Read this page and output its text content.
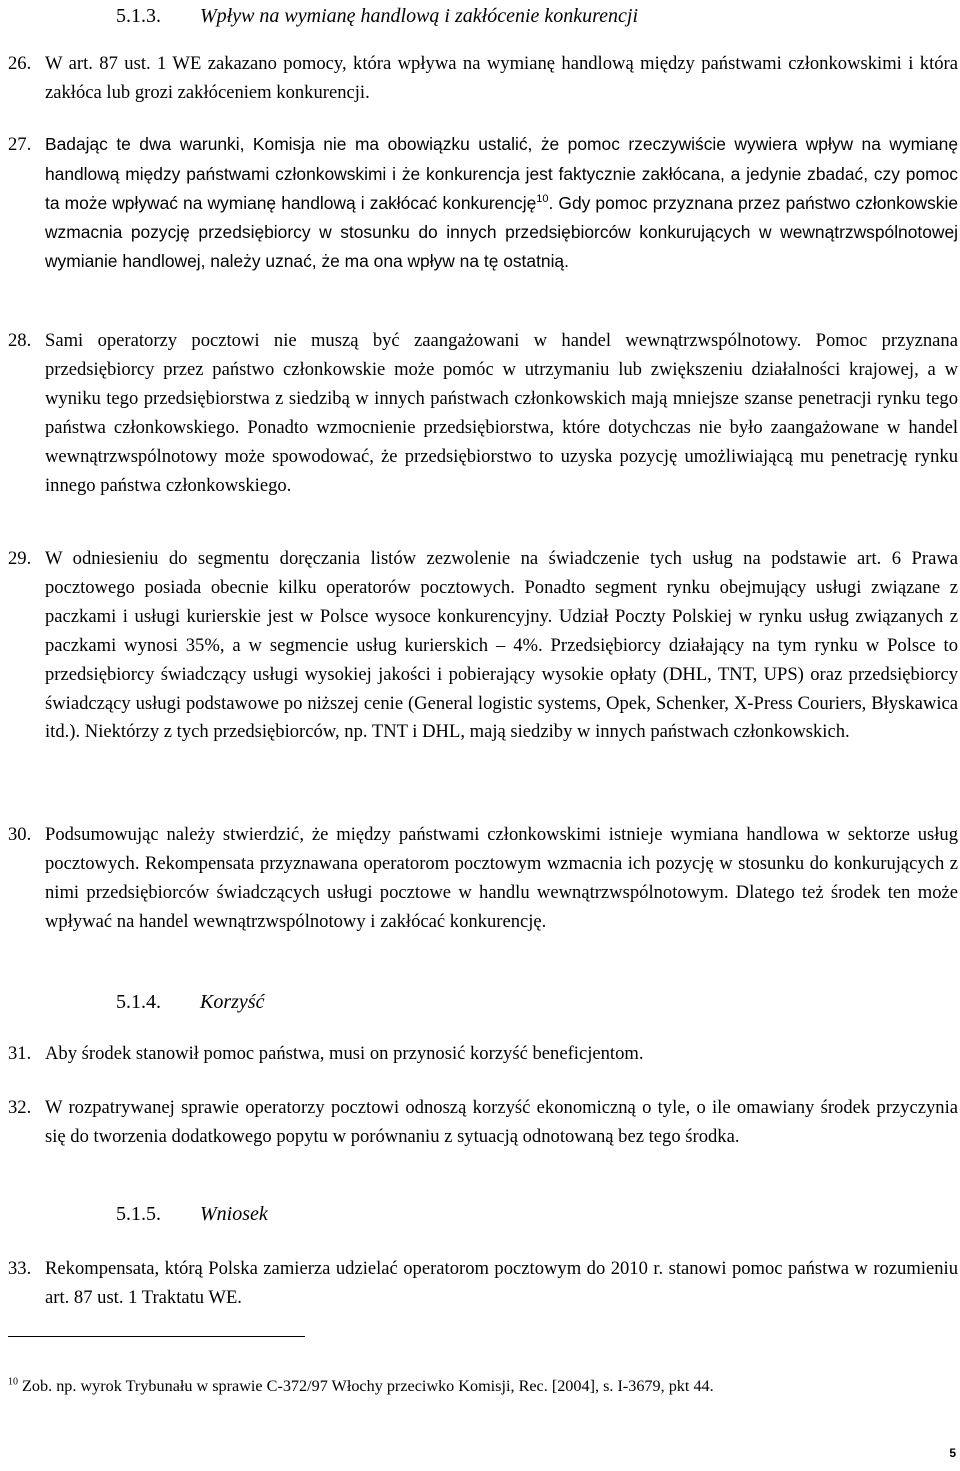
5.1.3. Wpływ na wymianę handlową i zakłócenie konkurencji

26. W art. 87 ust. 1 WE zakazano pomocy, która wpływa na wymianę handlową między państwami członkowskimi i która zakłóca lub grozi zakłóceniem konkurencji.

27. Badając te dwa warunki, Komisja nie ma obowiązku ustalić, że pomoc rzeczywiście wywiera wpływ na wymianę handlową między państwami członkowskimi i że konkurencja jest faktycznie zakłócana, a jedynie zbadać, czy pomoc ta może wpływać na wymianę handlową i zakłócać konkurencję$^{10}$. Gdy pomoc przyznana przez państwo członkowskie wzmacnia pozycję przedsiębiorcy w stosunku do innych przedsiębiorców konkurujących w wewnątrzwspólnotowej wymianie handlowej, należy uznać, że ma ona wpływ na tę ostatnią.

28. Sami operatorzy pocztowi nie muszą być zaangażowani w handel wewnątrzwspólnotowy. Pomoc przyznana przedsiębiorcy przez państwo członkowskie może pomóc w utrzymaniu lub zwiększeniu działalności krajowej, a w wyniku tego przedsiębiorstwa z siedzibą w innych państwach członkowskich mają mniejsze szanse penetracji rynku tego państwa członkowskiego. Ponadto wzmocnienie przedsiębiorstwa, które dotychczas nie było zaangażowane w handel wewnątrzwspólnotowy może spowodować, że przedsiębiorstwo to uzyska pozycję umożliwiającą mu penetrację rynku innego państwa członkowskiego.

29. W odniesieniu do segmentu doręczania listów zezwolenie na świadczenie tych usług na podstawie art. 6 Prawa pocztowego posiada obecnie kilku operatorów pocztowych. Ponadto segment rynku obejmujący usługi związane z paczkami i usługi kurierskie jest w Polsce wysoce konkurencyjny. Udział Poczty Polskiej w rynku usług związanych z paczkami wynosi 35%, a w segmencie usług kurierskich – 4%. Przedsiębiorcy działający na tym rynku w Polsce to przedsiębiorcy świadczący usługi wysokiej jakości i pobierający wysokie opłaty (DHL, TNT, UPS) oraz przedsiębiorcy świadczący usługi podstawowe po niższej cenie (General logistic systems, Opek, Schenker, X-Press Couriers, Błyskawica itd.). Niektórzy z tych przedsiębiorców, np. TNT i DHL, mają siedziby w innych państwach członkowskich.

30. Podsumowując należy stwierdzić, że między państwami członkowskimi istnieje wymiana handlowa w sektorze usług pocztowych. Rekompensata przyznawana operatorom pocztowym wzmacnia ich pozycję w stosunku do konkurujących z nimi przedsiębiorców świadczących usługi pocztowe w handlu wewnątrzwspólnotowym. Dlatego też środek ten może wpływać na handel wewnątrzwspólnotowy i zakłócać konkurencję.

5.1.4. Korzyść

31. Aby środek stanowił pomoc państwa, musi on przynosić korzyść beneficjentom.

32. W rozpatrywanej sprawie operatorzy pocztowi odnoszą korzyść ekonomiczną o tyle, o ile omawiany środek przyczynia się do tworzenia dodatkowego popytu w porównaniu z sytuacją odnotowaną bez tego środka.

5.1.5. Wniosek

33. Rekompensata, którą Polska zamierza udzielać operatorom pocztowym do 2010 r. stanowi pomoc państwa w rozumieniu art. 87 ust. 1 Traktatu WE.

$^{10}$ Zob. np. wyrok Trybunału w sprawie C-372/97 Włochy przeciwko Komisji, Rec. [2004], s. I-3679, pkt 44.

5
